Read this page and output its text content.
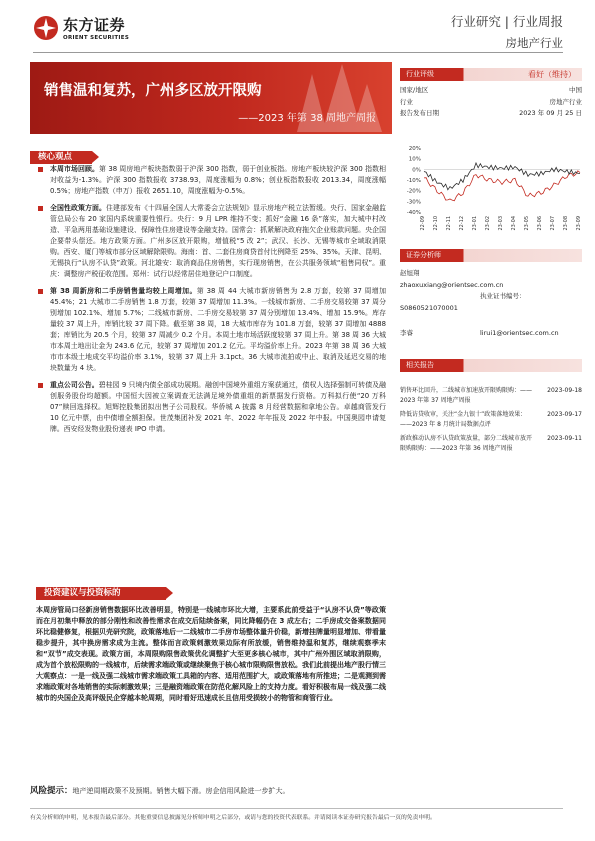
东方证券
ORIENT SECURITIES
行业研究 | 行业周报
房地产行业
销售温和复苏，广州多区放开限购
——2023 年第 38 周地产周报
核心观点
本周市场回顾。第 38 周房地产板块指数弱于沪深 300 指数，弱于创业板指。房地产板块较沪深 300 指数相对收益为-1.3%。沪深 300 指数报收 3738.93，周度涨幅为 0.8%；创业板指数报收 2013.34，周度涨幅 0.5%；房地产指数（申万）报收 2651.10，周度涨幅为-0.5%。
全国性政策方面。住建部发布《十四届全国人大常委会立法规划》显示房地产税立法暂缓。央行、国家金融监管总局公布 20 家国内系统重要性银行。央行：9 月 LPR 维持不变；抓好“金融 16 条”落实，加大城中村改造、平急两用基础设施建设、保障性住房建设等金融支持。国常会：抓紧解决政府拖欠企业账款问题。央企国企要带头偿还。地方政策方面。广州多区放开限购，增值税“5 改 2”；武汉、长沙、无锡等城市全域取消限购。西安、厦门等城市部分区域解除限购。海南：首、二套住房商贷首付比例降至 25%、35%。天津、昆明、无锡执行“认房不认贷”政策。河北雄安：取消商品住房销售，实行现房销售，在公共服务领域“租售同权”。重庆：调整房产税征收范围。郑州：试行以经常居住地登记户口制度。
第 38 周新房和二手房销售量均较上周增加。第 38 周 44 大城市新房销售为 2.8 万套，较第 37 周增加 45.4%；21 大城市二手房销售 1.8 万套，较第 37 周增加 11.3%。一线城市新房、二手房交易较第 37 周分别增加 102.1%、增加 5.7%；二线城市新房、二手房交易较第 37 周分别增加 13.4%、增加 15.9%。库存量较 37 周上升，库销比较 37 周下降。截至第 38 周，18 大城市库存为 101.8 万套，较第 37 周增加 4888 套；库销比为 20.5 个月，较第 37 周减少 0.2 个月。本周土地市场活跃度较第 37 周上升。第 38 周 36 大城市本周土地出让金为 243.6 亿元，较第 37 周增加 201.2 亿元。平均溢价率上升。2023 年第 38 周 36 大城市市本级土地成交平均溢价率 3.1%，较第 37 周上升 3.1pct。36 大城市流拍或中止、取消及延迟交易的地块数量为 4 块。
重点公司公告。碧桂园 9 只境内债全部成功展期。融创中国境外重组方案获通过，债权人选择强制可转债及融创服务股份均超额。中国恒大因被立案调查无法满足境外债重组的新票据发行资格。万科拟行使“20 万科 07”赎回选择权。旭辉控股集团拟出售子公司股权。华侨城 A 披露 8 月经营数据和拿地公告。卓越商管发行 10 亿元中票，由中债增全额担保。世茂集团补发 2021 年、2022 年年报及 2022 年中报。中国奥园申请复牌。西安经发物业股份递表 IPO 申请。
投资建议与投资标的
本周房管局口径新房销售数据环比改善明显，特别是一线城市环比大增，主要系此前受益于“认房不认贷”等政策而在月初集中释放的部分刚性和改善性需求在成交后陆续备案，同比降幅仍在 3 成左右；二手房成交备案数据同环比稳健修复，根据贝壳研究院，政策落地后一二线城市二手房市场整体量升价稳，新增挂牌量明显增加、带看量稳步提升，其中换房需求成为主流。整体而言政策刺激效果边际有所放缓，销售维持温和复苏，继续观察季末和“双节”成交表现。政策方面，本周限购限售政策优化调整扩大至更多核心城市，其中广州外围区域取消限购，成为首个放松限购的一线城市，后续需求端政策或继续聚焦于核心城市限购限售放松。我们此前提出地产股行情三大观察点：一是一线及强二线城市需求端政策工具箱的内容、适用范围扩大，或政策落地有所推进；二是观测到需求端政策对各地销售的实际刺激效果；三是融资端政策在防范化解风险上的支持力度。看好积极布局一线及强二线城市的央国企及高评级民企穿越本轮周期，同时看好迅速成长且信用受损较小的物管和商管行业。
风险提示：地产逆周期政策不及预期。销售大幅下滑。房企信用风险进一步扩大。
有关分析师的申明，见本报告最后部分。其他重要信息披露见分析师申明之后部分，或请与您的投资代表联系。并请阅读本证券研究报告最后一页的免责申明。
行业评级	看好（维持）
国家/地区	中国
行业	房地产行业
报告发布日期	2023 年 09 月 25 日
20%
10%
0%
-10%
-20%
-30%
-40%
22-09 22-10 22-11 22-12 23-01 23-02 23-03 23-04 23-05 23-06 23-07 23-08 23-09
证券分析师
赵旭翔zhaoxuxiang@orientsec.com.cn
执业证书编号：S0860521070001
李睿	lirui1@orientsec.com.cn
相关报告
销售环比回升，二线城市加速放开限购限购：——2023 年第 37 周地产周报
2023-09-18
降低访贷收审，关注“金九银十”政策落地效果：——2023 年 8 月统计局数据点评
2023-09-17
新政推动认房不认贷政策放量，部分二线城市放开限购限购：——2023 年第 36 周地产周报
2023-09-11
